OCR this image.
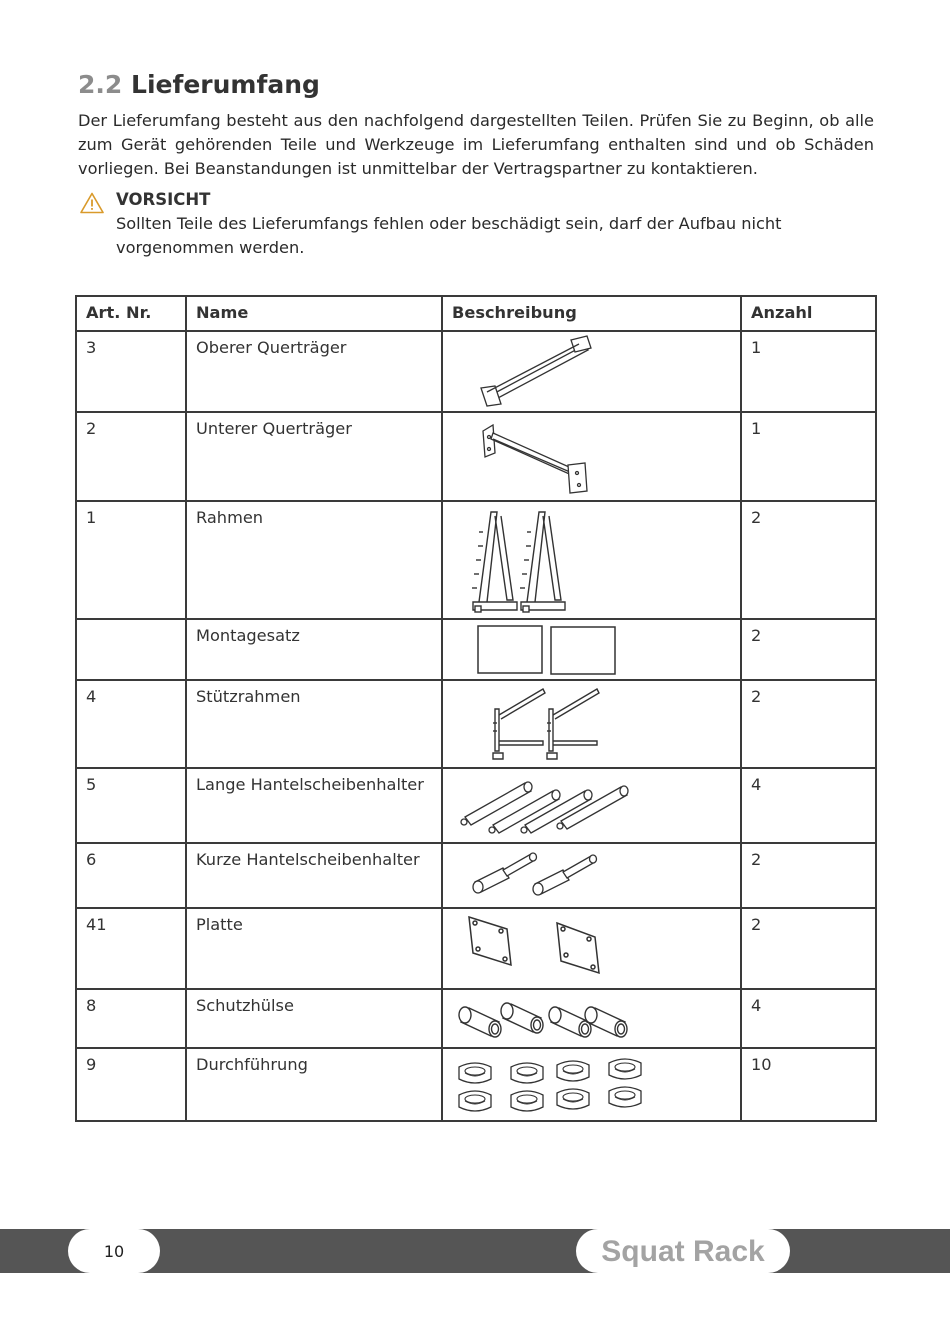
2.2 Lieferumfang

Der Lieferumfang besteht aus den nachfolgend dargestellten Teilen. Prüfen Sie zu Beginn, ob alle zum Gerät gehörenden Teile und Werkzeuge im Lieferumfang enthalten sind und ob Schäden vorliegen. Bei Beanstandungen ist unmittelbar der Vertragspartner zu kontaktieren.

VORSICHT

Sollten Teile des Lieferumfangs fehlen oder beschädigt sein, darf der Aufbau nicht vorgenommen werden.

Art. Nr.	Name	Beschreibung	Anzahl
3	Oberer Querträger		1
2	Unterer Querträger		1
1	Rahmen		2
	Montagesatz		2
4	Stützrahmen		2
5	Lange Hantelscheibenhalter		4
6	Kurze Hantelscheibenhalter		2
41	Platte		2
8	Schutzhülse		4
9	Durchführung		10
10	Squat Rack
